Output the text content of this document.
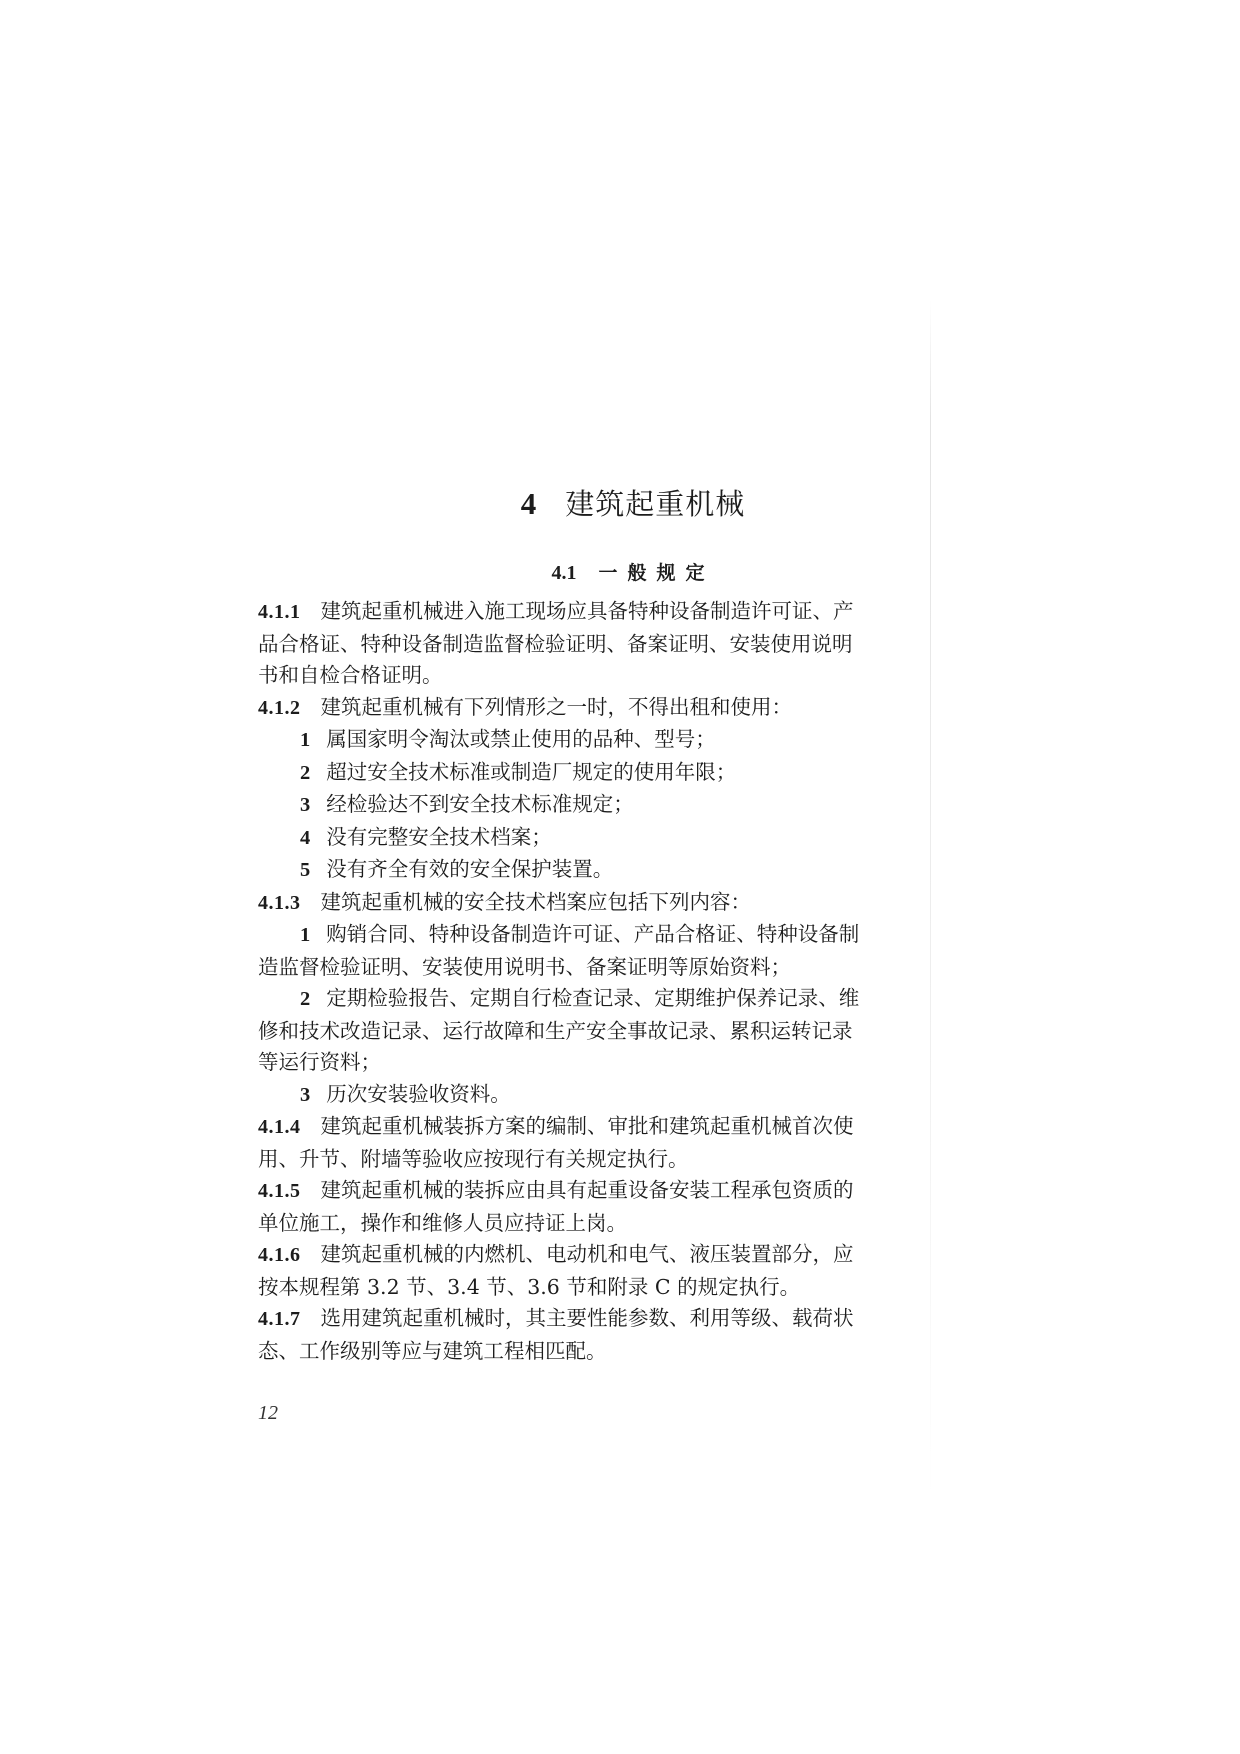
4 建筑起重机械
4.1 一般规定

4.1.1 建筑起重机械进入施工现场应具备特种设备制造许可证、产品合格证、特种设备制造监督检验证明、备案证明、安装使用说明书和自检合格证明。

4.1.2 建筑起重机械有下列情形之一时，不得出租和使用：

1 属国家明令淘汰或禁止使用的品种、型号；

2 超过安全技术标准或制造厂规定的使用年限；

3 经检验达不到安全技术标准规定；

4 没有完整安全技术档案；

5 没有齐全有效的安全保护装置。

4.1.3 建筑起重机械的安全技术档案应包括下列内容：

1 购销合同、特种设备制造许可证、产品合格证、特种设备制造监督检验证明、安装使用说明书、备案证明等原始资料；

2 定期检验报告、定期自行检查记录、定期维护保养记录、维修和技术改造记录、运行故障和生产安全事故记录、累积运转记录等运行资料；

3 历次安装验收资料。

4.1.4 建筑起重机械装拆方案的编制、审批和建筑起重机械首次使用、升节、附墙等验收应按现行有关规定执行。

4.1.5 建筑起重机械的装拆应由具有起重设备安装工程承包资质的单位施工，操作和维修人员应持证上岗。

4.1.6 建筑起重机械的内燃机、电动机和电气、液压装置部分，应按本规程第 3.2 节、3.4 节、3.6 节和附录 C 的规定执行。

4.1.7 选用建筑起重机械时，其主要性能参数、利用等级、载荷状态、工作级别等应与建筑工程相匹配。

12
